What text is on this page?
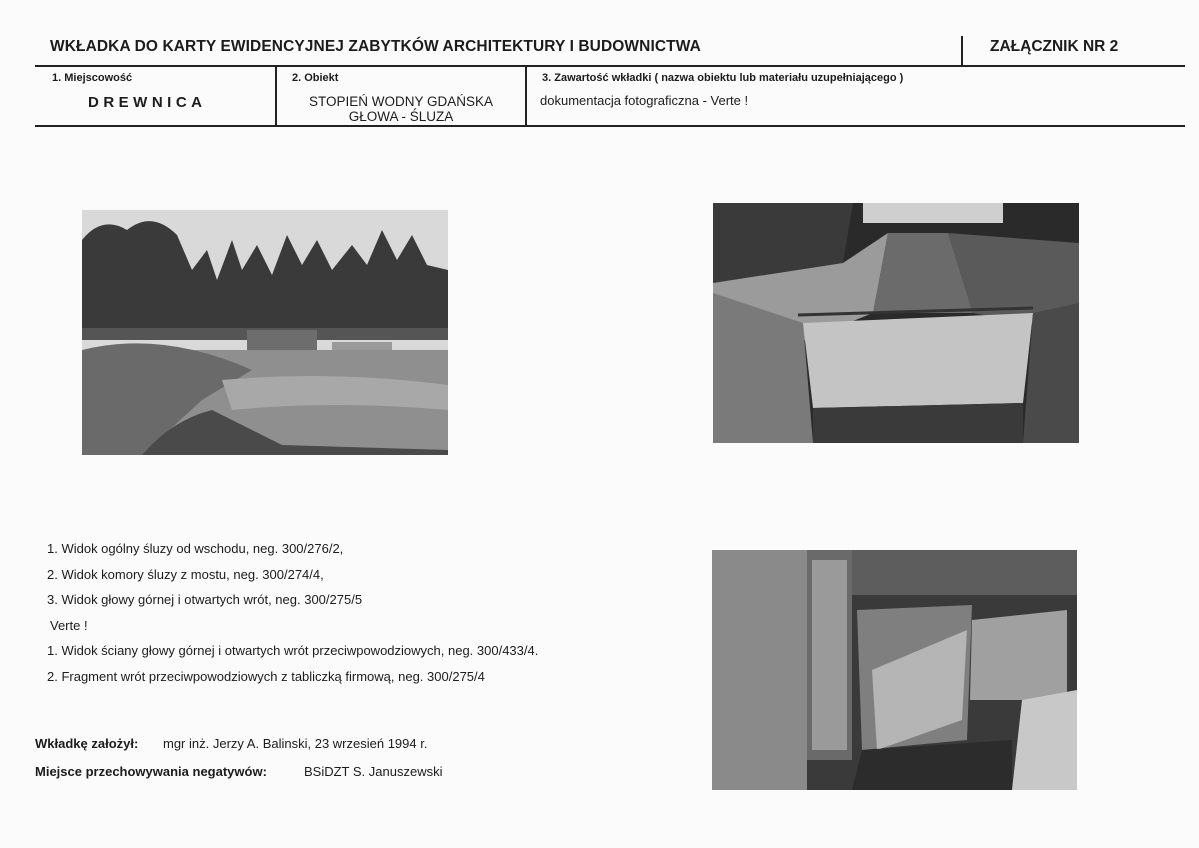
WKŁADKA DO KARTY EWIDENCYJNEJ ZABYTKÓW ARCHITEKTURY I BUDOWNICTWA	ZAŁĄCZNIK NR 2
1. Miejscowość
DREWNICA
2. Obiekt
STOPIEŃ WODNY GDAŃSKA
GŁOWA - ŚLUZA
3. Zawartość wkładki ( nazwa obiektu lub materiału uzupełniającego )
dokumentacja fotograficzna - Verte !
1. Widok ogólny śluzy od wschodu, neg. 300/276/2,
2. Widok komory śluzy z mostu, neg. 300/274/4,
3. Widok głowy górnej i otwartych wrót, neg. 300/275/5
Verte !
1. Widok ściany głowy górnej i otwartych wrót przeciwpowodziowych, neg. 300/433/4.
2. Fragment wrót przeciwpowodziowych z tabliczką firmową, neg. 300/275/4
Wkładkę założył: mgr inż. Jerzy A. Balinski, 23 wrzesień 1994 r.
Miejsce przechowywania negatywów:	BSiDZT S. Januszewski
